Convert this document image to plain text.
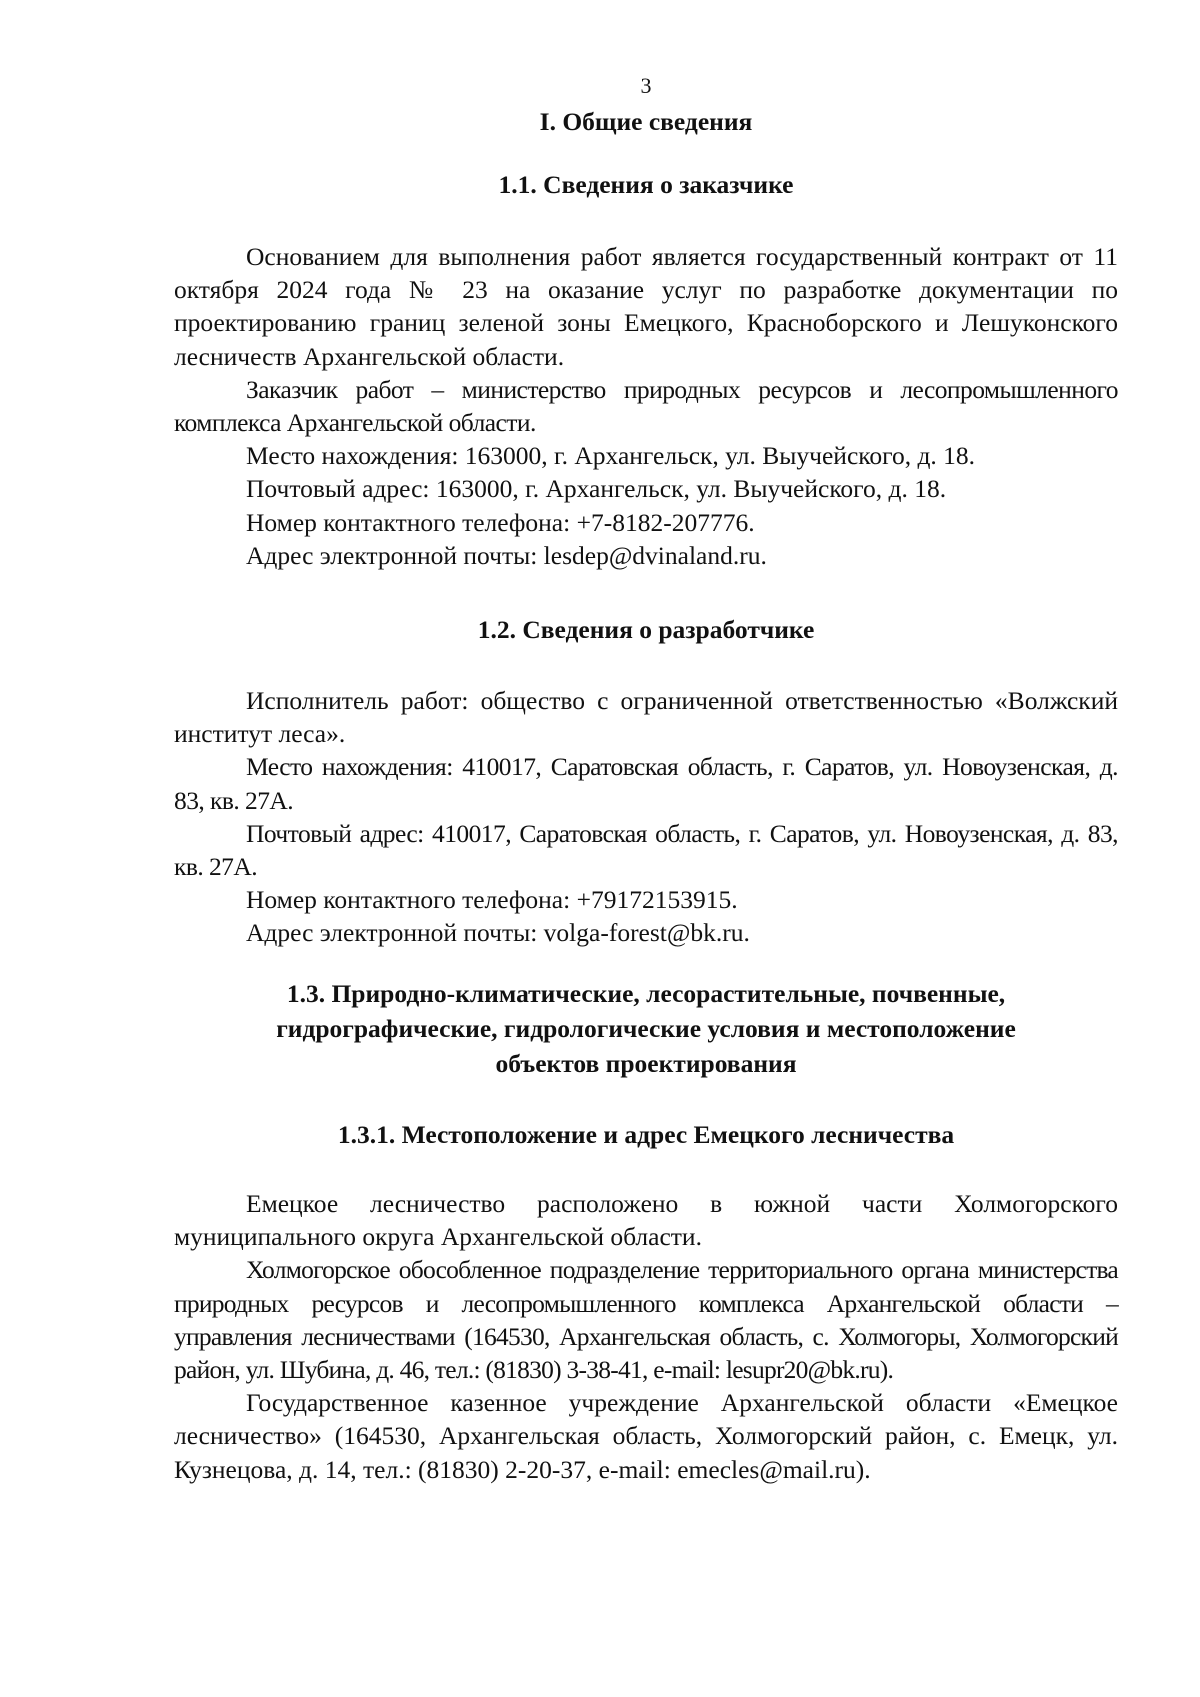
3
I. Общие сведения
1.1. Сведения о заказчике

Основанием для выполнения работ является государственный контракт от 11 октября 2024 года № 23 на оказание услуг по разработке документации по проектированию границ зеленой зоны Емецкого, Красноборского и Лешуконского лесничеств Архангельской области.

Заказчик работ – министерство природных ресурсов и лесопромышленного комплекса Архангельской области.

Место нахождения: 163000, г. Архангельск, ул. Выучейского, д. 18.

Почтовый адрес: 163000, г. Архангельск, ул. Выучейского, д. 18.

Номер контактного телефона: +7-8182-207776.

Адрес электронной почты: lesdep@dvinaland.ru.

1.2. Сведения о разработчике

Исполнитель работ: общество с ограниченной ответственностью «Волжский институт леса».

Место нахождения: 410017, Саратовская область, г. Саратов, ул. Новоузенская, д. 83, кв. 27А.

Почтовый адрес: 410017, Саратовская область, г. Саратов, ул. Новоузенская, д. 83, кв. 27А.

Номер контактного телефона: +79172153915.

Адрес электронной почты: volga-forest@bk.ru.

1.3. Природно-климатические, лесорастительные, почвенные,
гидрографические, гидрологические условия и местоположение
объектов проектирования
1.3.1. Местоположение и адрес Емецкого лесничества

Емецкое лесничество расположено в южной части Холмогорского муниципального округа Архангельской области.

Холмогорское обособленное подразделение территориального органа министерства природных ресурсов и лесопромышленного комплекса Архангельской области – управления лесничествами (164530, Архангельская область, с. Холмогоры, Холмогорский район, ул. Шубина, д. 46, тел.: (81830) 3-38-41, e-mail: lesupr20@bk.ru).

Государственное казенное учреждение Архангельской области «Емецкое лесничество» (164530, Архангельская область, Холмогорский район, с. Емецк, ул. Кузнецова, д. 14, тел.: (81830) 2-20-37, e-mail: emecles@mail.ru).
